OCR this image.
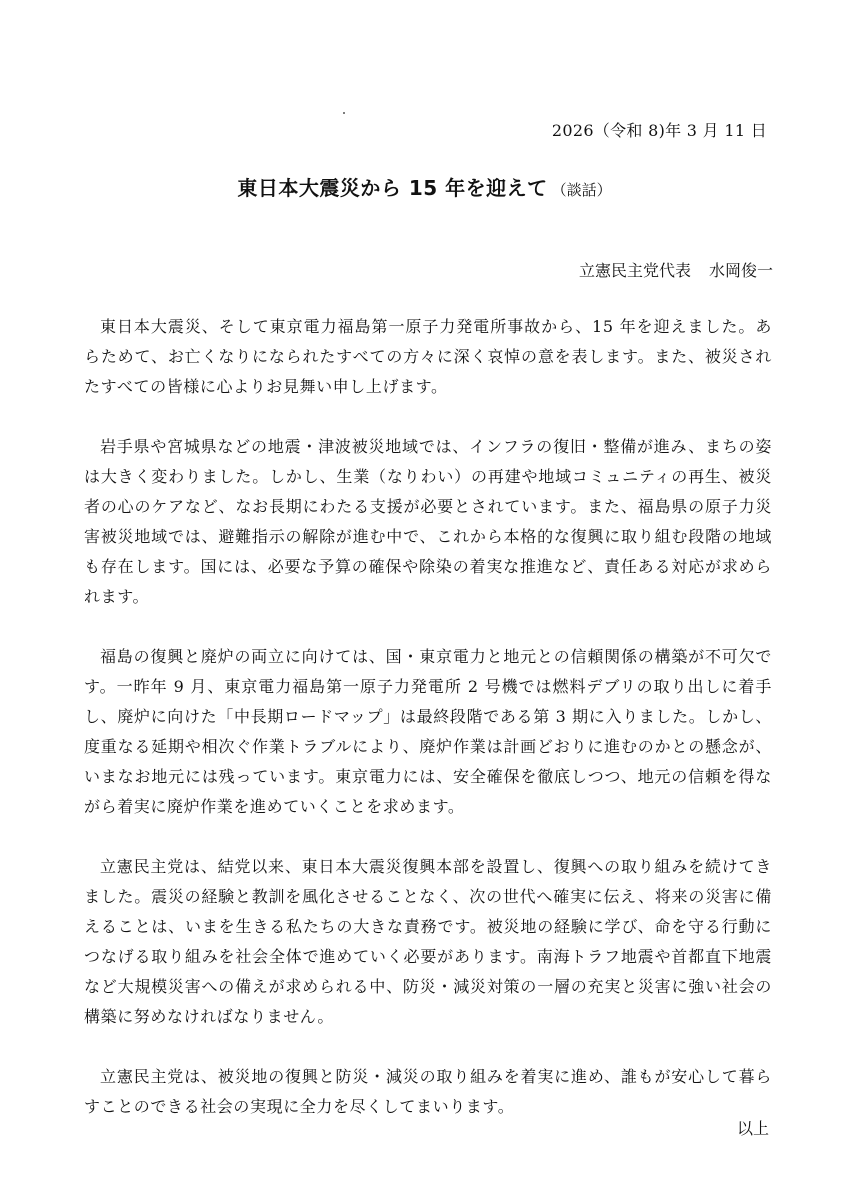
2026（令和 8)年 3 月 11 日
東日本大震災から 15 年を迎えて （談話）
立憲民主党代表 水岡俊一

東日本大震災、そして東京電力福島第一原子力発電所事故から、15 年を迎えました。あらためて、お亡くなりになられたすべての方々に深く哀悼の意を表します。また、被災されたすべての皆様に心よりお見舞い申し上げます。

岩手県や宮城県などの地震・津波被災地域では、インフラの復旧・整備が進み、まちの姿は大きく変わりました。しかし、生業（なりわい）の再建や地域コミュニティの再生、被災者の心のケアなど、なお長期にわたる支援が必要とされています。また、福島県の原子力災害被災地域では、避難指示の解除が進む中で、これから本格的な復興に取り組む段階の地域も存在します。国には、必要な予算の確保や除染の着実な推進など、責任ある対応が求められます。

福島の復興と廃炉の両立に向けては、国・東京電力と地元との信頼関係の構築が不可欠です。一昨年 9 月、東京電力福島第一原子力発電所 2 号機では燃料デブリの取り出しに着手し、廃炉に向けた「中長期ロードマップ」は最終段階である第 3 期に入りました。しかし、度重なる延期や相次ぐ作業トラブルにより、廃炉作業は計画どおりに進むのかとの懸念が、いまなお地元には残っています。東京電力には、安全確保を徹底しつつ、地元の信頼を得ながら着実に廃炉作業を進めていくことを求めます。

立憲民主党は、結党以来、東日本大震災復興本部を設置し、復興への取り組みを続けてきました。震災の経験と教訓を風化させることなく、次の世代へ確実に伝え、将来の災害に備えることは、いまを生きる私たちの大きな責務です。被災地の経験に学び、命を守る行動につなげる取り組みを社会全体で進めていく必要があります。南海トラフ地震や首都直下地震など大規模災害への備えが求められる中、防災・減災対策の一層の充実と災害に強い社会の構築に努めなければなりません。

立憲民主党は、被災地の復興と防災・減災の取り組みを着実に進め、誰もが安心して暮らすことのできる社会の実現に全力を尽くしてまいります。

以上
